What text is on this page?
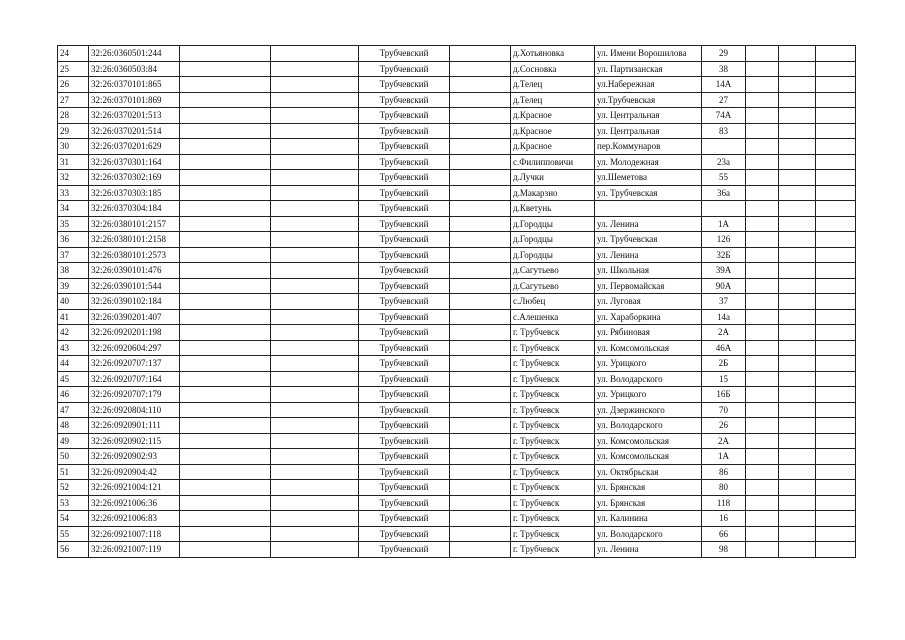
24	32:26:0360501:244			Трубчевский		д.Хотьяновка	ул. Имени Ворошилова	29			
25	32:26:0360503:84			Трубчевский		д.Сосновка	ул. Партизанская	38			
26	32:26:0370101:865			Трубчевский		д.Телец	ул.Набережная	14А			
27	32:26:0370101:869			Трубчевский		д.Телец	ул.Трубчевская	27			
28	32:26:0370201:513			Трубчевский		д.Красное	ул. Центральная	74А			
29	32:26:0370201:514			Трубчевский		д.Красное	ул. Центральная	83			
30	32:26:0370201:629			Трубчевский		д.Красное	пер.Коммунаров				
31	32:26:0370301:164			Трубчевский		с.Филипповичи	ул. Молодежная	23а			
32	32:26:0370302:169			Трубчевский		д.Лучки	ул.Шеметова	55			
33	32:26:0370303:185			Трубчевский		д.Макарзно	ул. Трубчевская	36а			
34	32:26:0370304:184			Трубчевский		д.Кветунь					
35	32:26:0380101:2157			Трубчевский		д.Городцы	ул. Ленина	1А			
36	32:26:0380101:2158			Трубчевский		д.Городцы	ул. Трубчевская	126			
37	32:26:0380101:2573			Трубчевский		д.Городцы	ул. Ленина	32Б			
38	32:26:0390101:476			Трубчевский		д.Сагутьево	ул. Школьная	39А			
39	32:26:0390101:544			Трубчевский		д.Сагутьево	ул. Первомайская	90А			
40	32:26:0390102:184			Трубчевский		с.Любец	ул. Луговая	37			
41	32:26:0390201:407			Трубчевский		с.Алешенка	ул. Хараборкина	14а			
42	32:26:0920201:198			Трубчевский		г. Трубчевск	ул. Рябиновая	2А			
43	32:26:0920604:297			Трубчевский		г. Трубчевск	ул. Комсомольская	46А			
44	32:26:0920707:137			Трубчевский		г. Трубчевск	ул. Урицкого	2Б			
45	32:26:0920707:164			Трубчевский		г. Трубчевск	ул. Володарского	15			
46	32:26:0920707:179			Трубчевский		г. Трубчевск	ул. Урицкого	16Б			
47	32:26:0920804:110			Трубчевский		г. Трубчевск	ул. Дзержинского	70			
48	32:26:0920901:111			Трубчевский		г. Трубчевск	ул. Володарского	26			
49	32:26:0920902:115			Трубчевский		г. Трубчевск	ул. Комсомольская	2А			
50	32:26:0920902:93			Трубчевский		г. Трубчевск	ул. Комсомольская	1А			
51	32:26:0920904:42			Трубчевский		г. Трубчевск	ул. Октябрьская	86			
52	32:26:0921004:121			Трубчевский		г. Трубчевск	ул. Брянская	80			
53	32:26:0921006:36			Трубчевский		г. Трубчевск	ул. Брянская	118			
54	32:26:0921006:83			Трубчевский		г. Трубчевск	ул. Калинина	16			
55	32:26:0921007:118			Трубчевский		г. Трубчевск	ул. Володарского	66			
56	32:26:0921007:119			Трубчевский		г. Трубчевск	ул. Ленина	98			
